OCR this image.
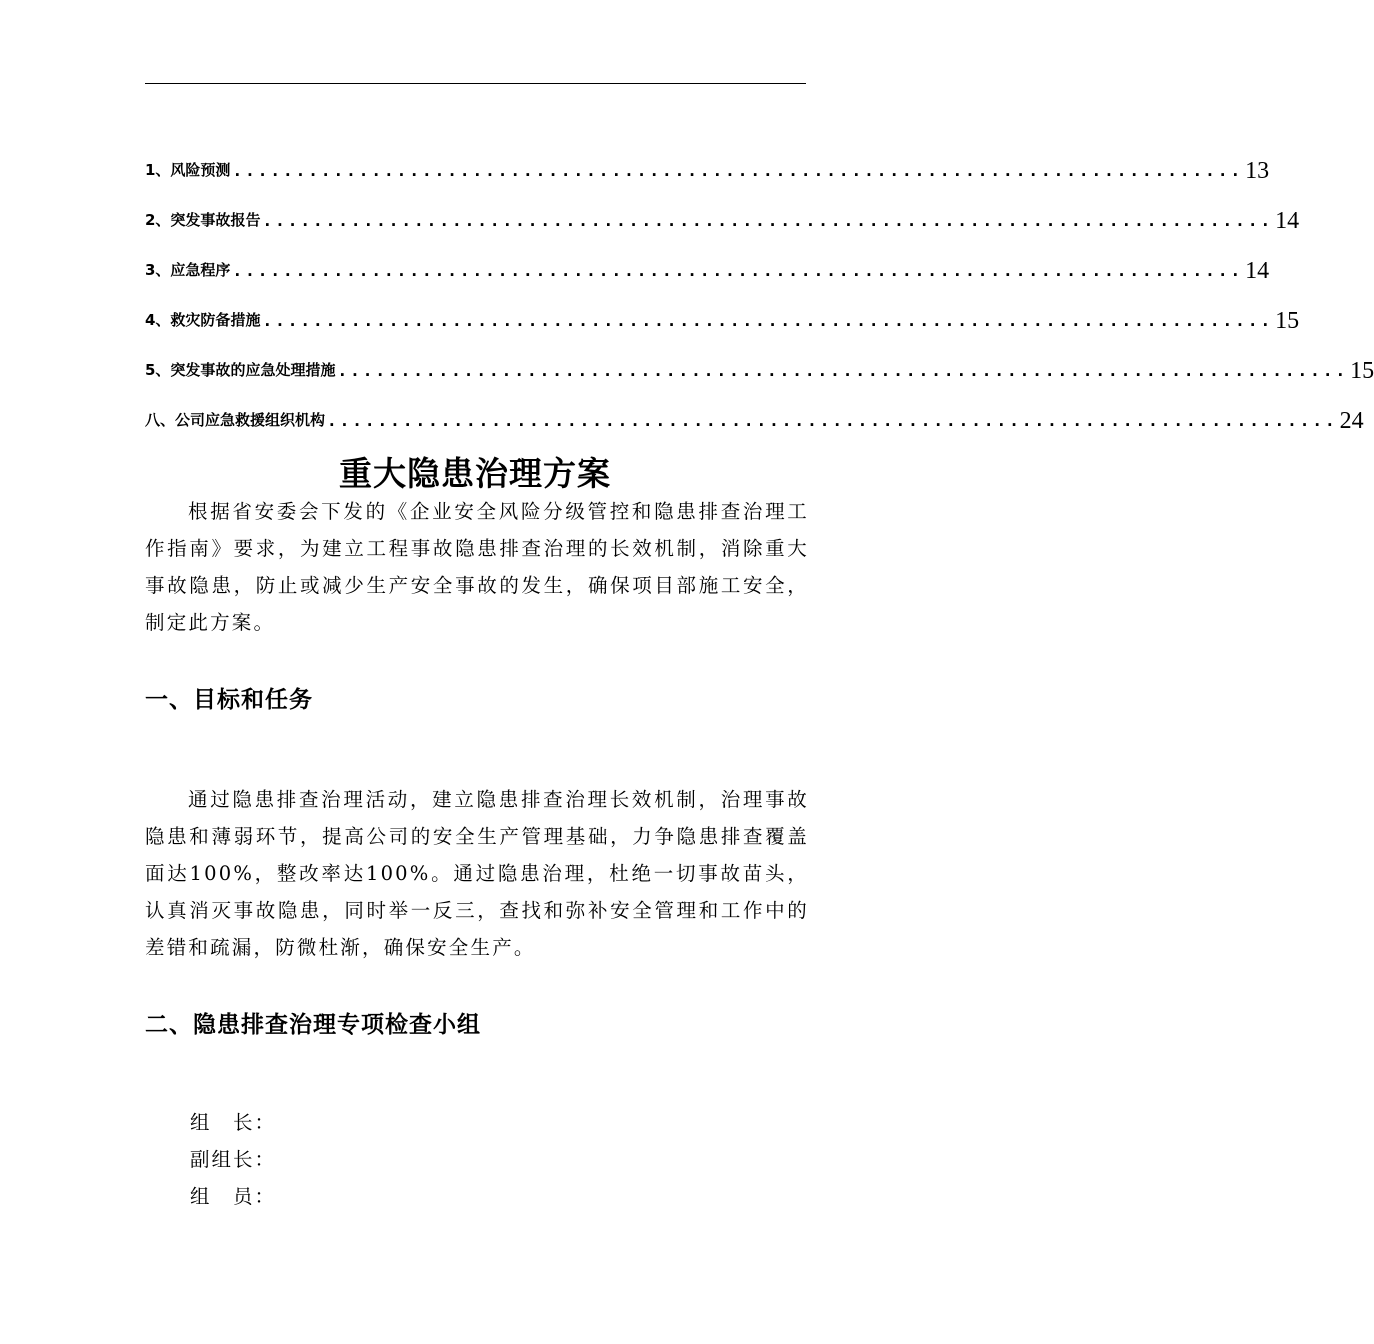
1、风险预测 ................................................................................ 13
2、突发事故报告 ................................................................................ 14
3、应急程序 ................................................................................ 14
4、救灾防备措施 ................................................................................ 15
5、突发事故的应急处理措施 ................................................................................ 15
八、公司应急救援组织机构 ................................................................................ 24
重大隐患治理方案
根据省安委会下发的《企业安全风险分级管控和隐患排查治理工作指南》要求，为建立工程事故隐患排查治理的长效机制，消除重大事故隐患，防止或减少生产安全事故的发生，确保项目部施工安全，制定此方案。
一、目标和任务
通过隐患排查治理活动，建立隐患排查治理长效机制，治理事故隐患和薄弱环节，提高公司的安全生产管理基础，力争隐患排查覆盖面达100%，整改率达100%。通过隐患治理，杜绝一切事故苗头，认真消灭事故隐患，同时举一反三，查找和弥补安全管理和工作中的差错和疏漏，防微杜渐，确保安全生产。
二、隐患排查治理专项检查小组
组　长：
副组长：
组　员：
